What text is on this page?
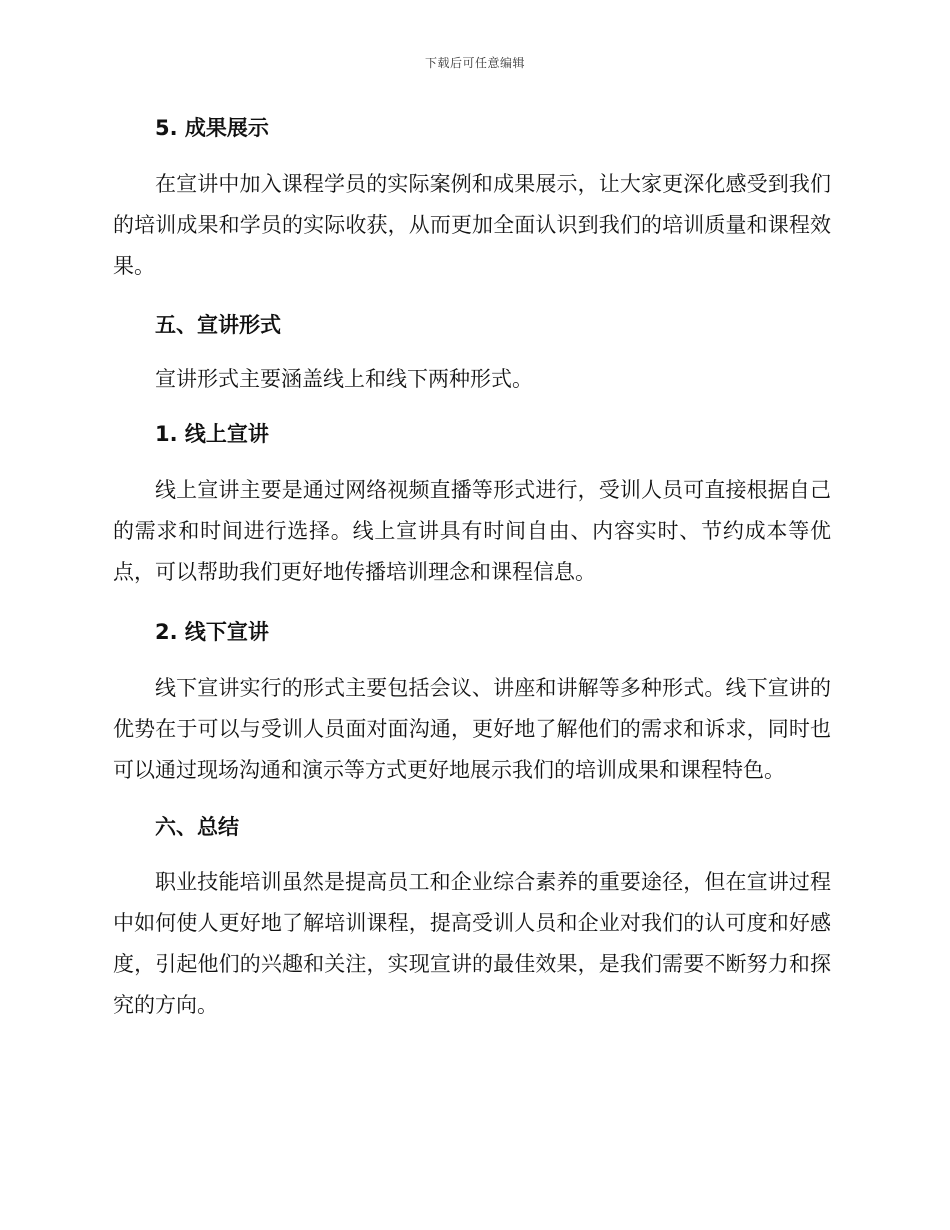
下载后可任意编辑
5. 成果展示

在宣讲中加入课程学员的实际案例和成果展示，让大家更深化感受到我们的培训成果和学员的实际收获，从而更加全面认识到我们的培训质量和课程效果。

五、宣讲形式

宣讲形式主要涵盖线上和线下两种形式。

1. 线上宣讲

线上宣讲主要是通过网络视频直播等形式进行，受训人员可直接根据自己的需求和时间进行选择。线上宣讲具有时间自由、内容实时、节约成本等优点，可以帮助我们更好地传播培训理念和课程信息。

2. 线下宣讲

线下宣讲实行的形式主要包括会议、讲座和讲解等多种形式。线下宣讲的优势在于可以与受训人员面对面沟通，更好地了解他们的需求和诉求，同时也可以通过现场沟通和演示等方式更好地展示我们的培训成果和课程特色。

六、总结

职业技能培训虽然是提高员工和企业综合素养的重要途径，但在宣讲过程中如何使人更好地了解培训课程，提高受训人员和企业对我们的认可度和好感度，引起他们的兴趣和关注，实现宣讲的最佳效果，是我们需要不断努力和探究的方向。
